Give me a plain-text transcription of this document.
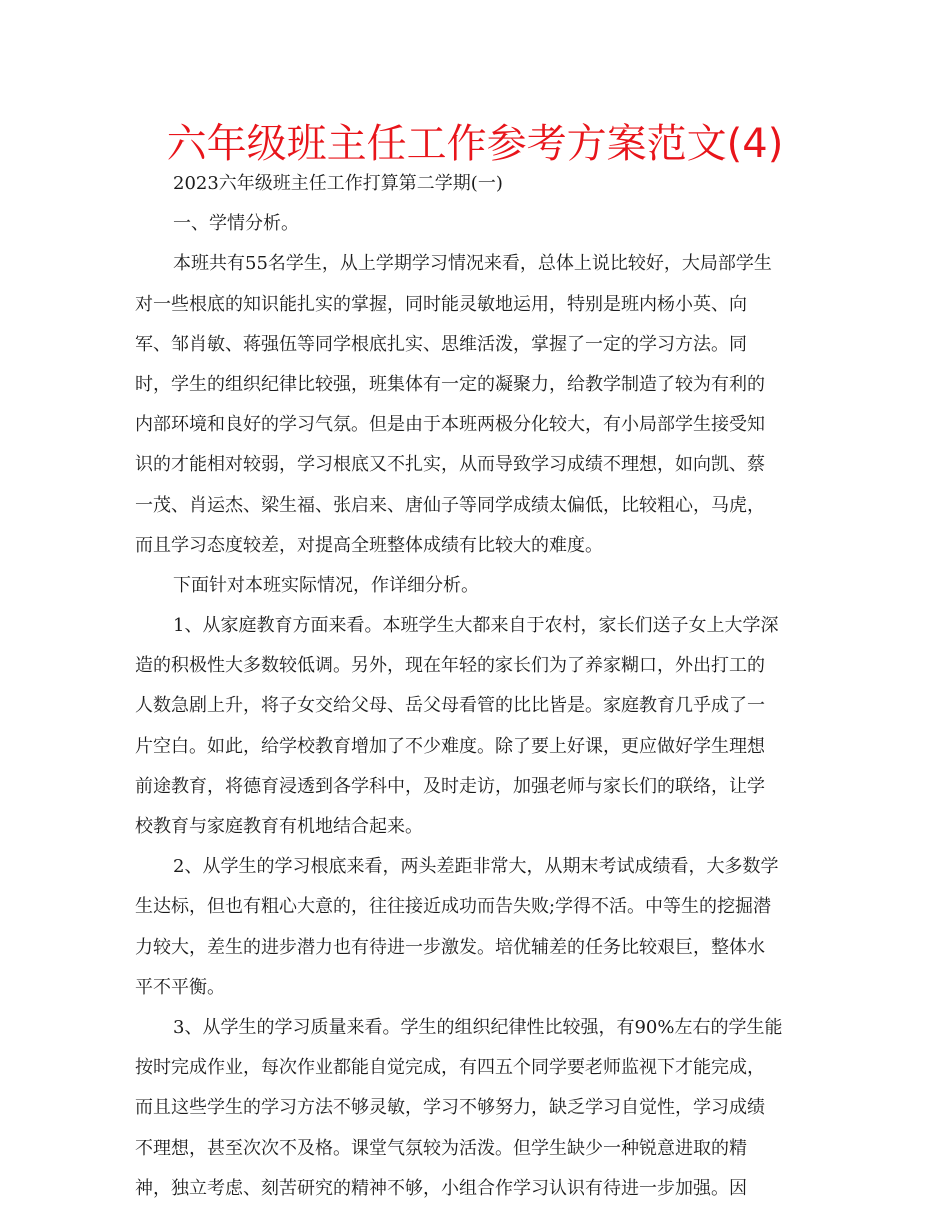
六年级班主任工作参考方案范文(4)
2023六年级班主任工作打算第二学期(一)
一、学情分析。
本班共有55名学生，从上学期学习情况来看，总体上说比较好，大局部学生
对一些根底的知识能扎实的掌握，同时能灵敏地运用，特别是班内杨小英、向
军、邹肖敏、蒋强伍等同学根底扎实、思维活泼，掌握了一定的学习方法。同
时，学生的组织纪律比较强，班集体有一定的凝聚力，给教学制造了较为有利的
内部环境和良好的学习气氛。但是由于本班两极分化较大，有小局部学生接受知
识的才能相对较弱，学习根底又不扎实，从而导致学习成绩不理想，如向凯、蔡
一茂、肖运杰、梁生福、张启来、唐仙子等同学成绩太偏低，比较粗心，马虎，
而且学习态度较差，对提高全班整体成绩有比较大的难度。
下面针对本班实际情况，作详细分析。
1、从家庭教育方面来看。本班学生大都来自于农村，家长们送子女上大学深
造的积极性大多数较低调。另外，现在年轻的家长们为了养家糊口，外出打工的
人数急剧上升，将子女交给父母、岳父母看管的比比皆是。家庭教育几乎成了一
片空白。如此，给学校教育增加了不少难度。除了要上好课，更应做好学生理想
前途教育，将德育浸透到各学科中，及时走访，加强老师与家长们的联络，让学
校教育与家庭教育有机地结合起来。
2、从学生的学习根底来看，两头差距非常大，从期末考试成绩看，大多数学
生达标，但也有粗心大意的，往往接近成功而告失败;学得不活。中等生的挖掘潜
力较大，差生的进步潜力也有待进一步激发。培优辅差的任务比较艰巨，整体水
平不平衡。
3、从学生的学习质量来看。学生的组织纪律性比较强，有90%左右的学生能
按时完成作业，每次作业都能自觉完成，有四五个同学要老师监视下才能完成，
而且这些学生的学习方法不够灵敏，学习不够努力，缺乏学习自觉性，学习成绩
不理想，甚至次次不及格。课堂气氛较为活泼。但学生缺少一种锐意进取的精
神，独立考虑、刻苦研究的精神不够，小组合作学习认识有待进一步加强。因
